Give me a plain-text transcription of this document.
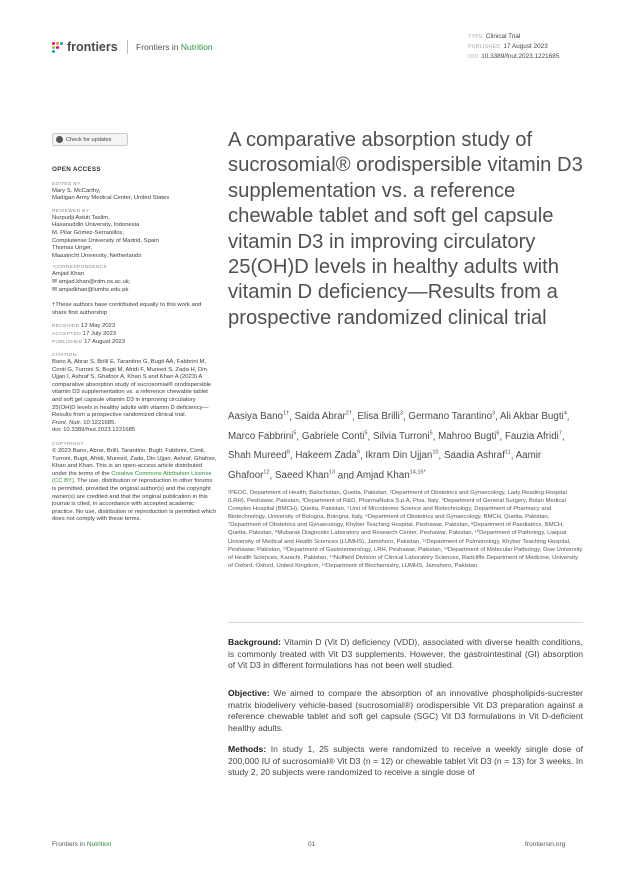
frontiers Frontiers in Nutrition
TYPE Clinical Trial
PUBLISHED 17 August 2023
DOI 10.3389/fnut.2023.1221685
Check for updates
OPEN ACCESS
EDITED BY
Mary S. McCarthy,
Madigan Army Medical Center, United States
REVIEWED BY
Nurpudji Astuti Taslim,
Hasanuddin University, Indonesia
M. Pilar Gómez-Serranillos,
Complutense University of Madrid, Spain
Thomas Unger,
Maastricht University, Netherlands
*CORRESPONDENCE
Amjad Khan
✉ amjad.khan@rdm.ox.ac.uk;
✉ amjadkhan@lumhs.edu.pk
†These authors have contributed equally to this work and share first authorship
RECEIVED 12 May 2023
ACCEPTED 17 July 2023
PUBLISHED 17 August 2023
CITATION
Bano A, Abrar S, Brilli E, Tarantino G, Bugti AA, Fabbrini M, Conti G, Turroni S, Bugti M, Afridi F, Mureed S, Zada H, Din Ujjan I, Ashraf S, Ghafoor A, Khan S and Khan A (2023) A comparative absorption study of sucrosomial® orodispersible vitamin D3 supplementation vs. a reference chewable tablet and soft gel capsule vitamin D3 in improving circulatory 25(OH)D levels in healthy adults with vitamin D deficiency—Results from a prospective randomized clinical trial.
Front. Nutr. 10:1221685.
doi: 10.3389/fnut.2023.1221685
COPYRIGHT
© 2023 Bano, Abrar, Brilli, Tarantino, Bugti, Fabbrini, Conti, Turroni, Bugti, Afridi, Mureed, Zada, Din Ujjan, Ashraf, Ghafoor, Khan and Khan. This is an open-access article distributed under the terms of the Creative Commons Attribution License (CC BY). The use, distribution or reproduction in other forums is permitted, provided the original author(s) and the copyright owner(s) are credited and that the original publication in this journal is cited, in accordance with accepted academic practice. No use, distribution or reproduction is permitted which does not comply with these terms.
A comparative absorption study of sucrosomial® orodispersible vitamin D3 supplementation vs. a reference chewable tablet and soft gel capsule vitamin D3 in improving circulatory 25(OH)D levels in healthy adults with vitamin D deficiency—Results from a prospective randomized clinical trial
Aasiya Bano$^{1\dagger}$, Saida Abrar$^{2\dagger}$, Elisa Brilli$^3$, Germano Tarantino$^3$, Ali Akbar Bugti$^4$, Marco Fabbrini$^5$, Gabriele Conti$^5$, Silvia Turroni$^5$, Mahroo Bugti$^6$, Fauzia Afridi$^7$, Shah Mureed$^8$, Hakeem Zada$^9$, Ikram Din Ujjan$^{10}$, Saadia Ashraf$^{11}$, Aamir Ghafoor$^{12}$, Saeed Khan$^{13}$ and Amjad Khan$^{14,15*}$
¹PEOC, Department of Health, Balochistan, Quetta, Pakistan, ²Department of Obstetrics and Gynaecology, Lady Reading Hospital (LRH), Peshawar, Pakistan, ³Department of R&D, PharmaNutra S.p.A, Pisa, Italy, ⁴Department of General Surgery, Bolan Medical Complex Hospital (BMCH), Quetta, Pakistan, ⁵Unit of Microbiome Science and Biotechnology, Department of Pharmacy and Biotechnology, University of Bologna, Bologna, Italy, ⁶Department of Obstetrics and Gynaecology, BMCH, Quetta, Pakistan, ⁷Department of Obstetrics and Gynaecology, Khyber Teaching Hospital, Peshawar, Pakistan, ⁸Department of Paediatrics, BMCH, Quetta, Pakistan, ⁹Mubarak Diagnostic Laboratory and Research Center, Peshawar, Pakistan, ¹⁰Department of Pathology, Liaquat University of Medical and Health Sciences (LUMHS), Jamshoro, Pakistan, ¹¹Department of Pulmonology, Khyber Teaching Hospital, Peshawar, Pakistan, ¹²Department of Gastroenterology, LRH, Peshawar, Pakistan, ¹³Department of Molecular Pathology, Dow University of Health Sciences, Karachi, Pakistan, ¹⁴Nuffield Division of Clinical Laboratory Sciences, Radcliffe Department of Medicine, University of Oxford, Oxford, United Kingdom, ¹⁵Department of Biochemistry, LUMHS, Jamshoro, Pakistan
Background: Vitamin D (Vit D) deficiency (VDD), associated with diverse health conditions, is commonly treated with Vit D3 supplements. However, the gastrointestinal (GI) absorption of Vit D3 in different formulations has not been well studied.
Objective: We aimed to compare the absorption of an innovative phospholipids-sucrester matrix biodelivery vehicle-based (sucrosomial®) orodispersible Vit D3 preparation against a reference chewable tablet and soft gel capsule (SGC) Vit D3 formulations in Vit D-deficient healthy adults.
Methods: In study 1, 25 subjects were randomized to receive a weekly single dose of 200,000 IU of sucrosomial® Vit D3 (n = 12) or chewable tablet Vit D3 (n = 13) for 3 weeks. In study 2, 20 subjects were randomized to receive a single dose of
Frontiers in Nutrition	01	frontiersin.org
